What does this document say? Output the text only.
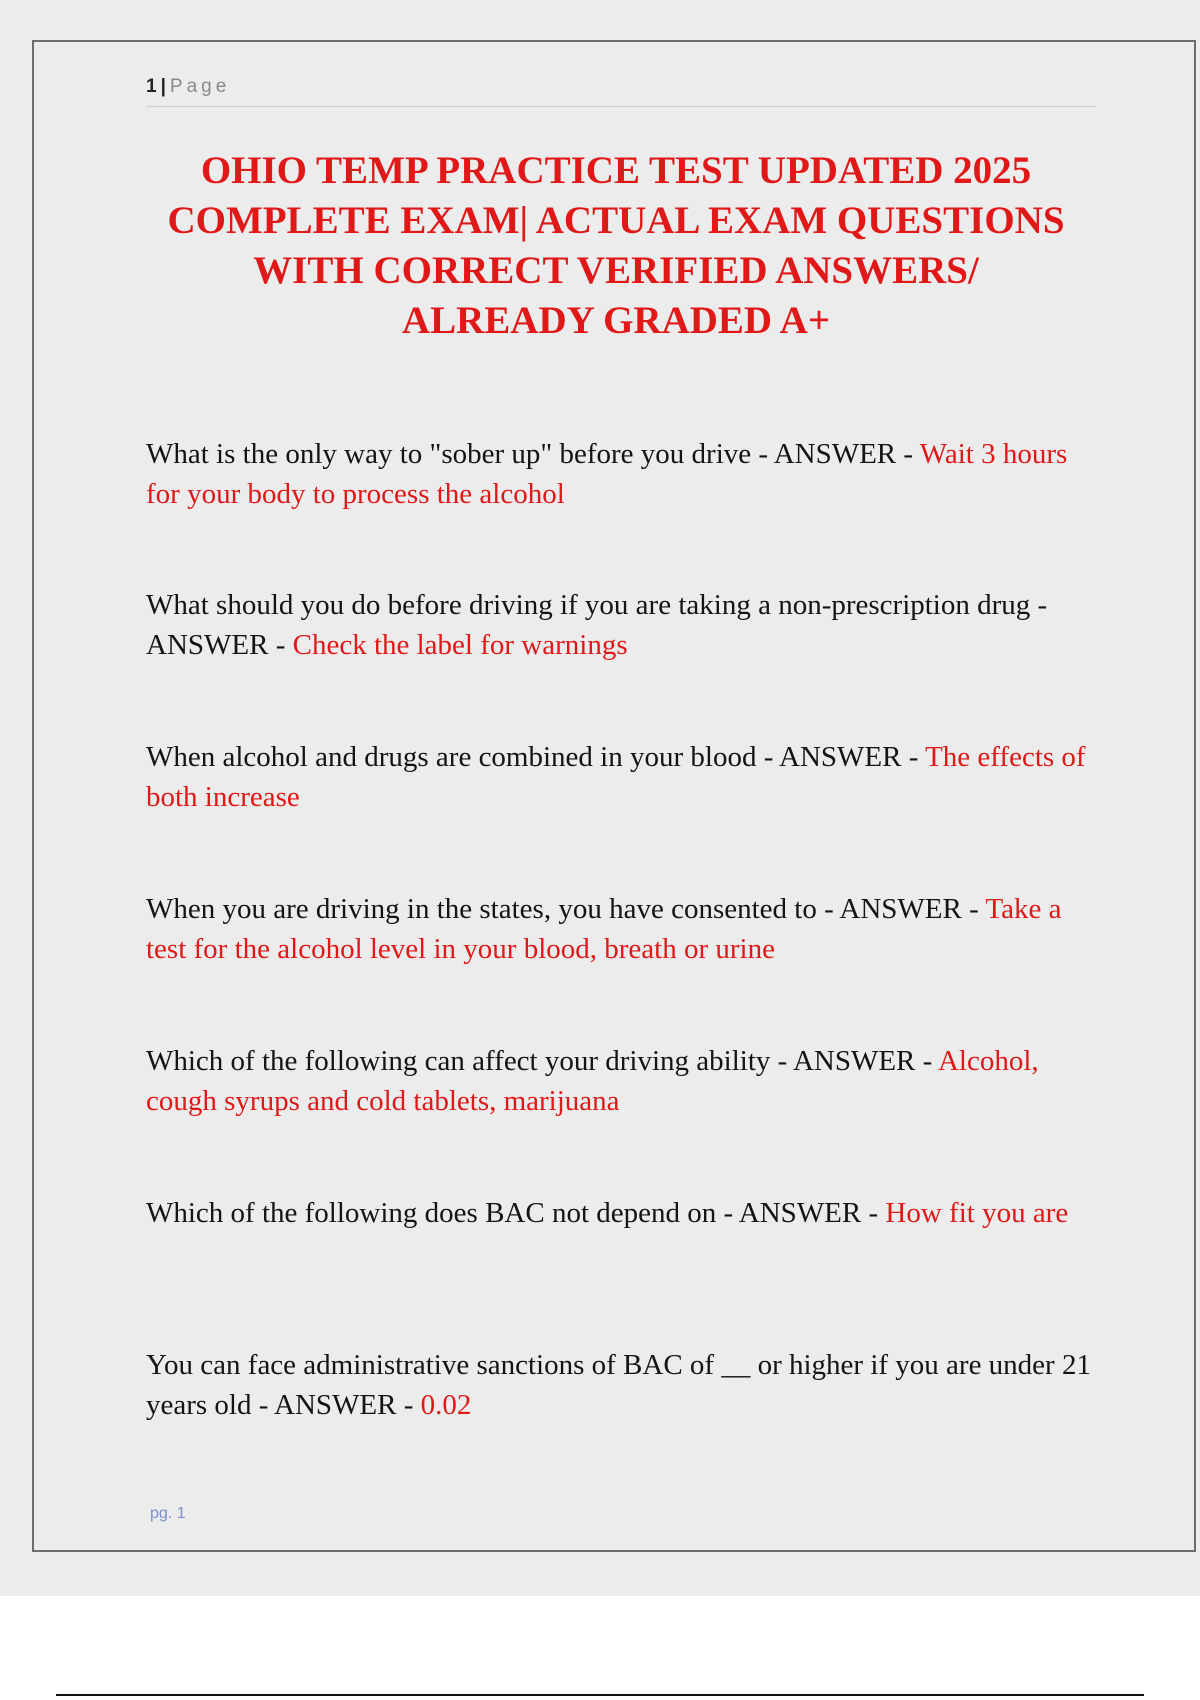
1 | Page
OHIO TEMP PRACTICE TEST UPDATED 2025
COMPLETE EXAM| ACTUAL EXAM QUESTIONS
WITH CORRECT VERIFIED ANSWERS/
ALREADY GRADED A+
What is the only way to "sober up" before you drive - ANSWER - Wait 3 hours for your body to process the alcohol
What should you do before driving if you are taking a non-prescription drug - ANSWER - Check the label for warnings
When alcohol and drugs are combined in your blood - ANSWER - The effects of both increase
When you are driving in the states, you have consented to - ANSWER - Take a test for the alcohol level in your blood, breath or urine
Which of the following can affect your driving ability - ANSWER - Alcohol, cough syrups and cold tablets, marijuana
Which of the following does BAC not depend on - ANSWER - How fit you are
You can face administrative sanctions of BAC of __ or higher if you are under 21 years old - ANSWER - 0.02
pg. 1
